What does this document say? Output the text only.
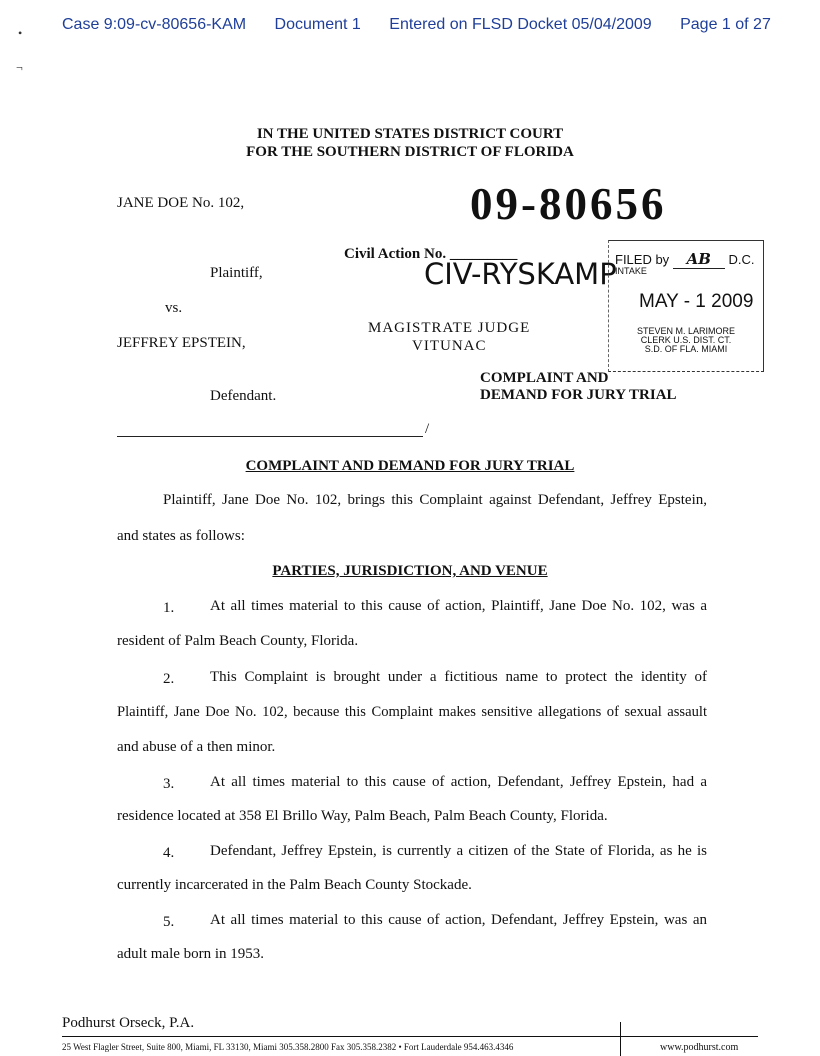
Case 9:09-cv-80656-KAM Document 1 Entered on FLSD Docket 05/04/2009 Page 1 of 27
•
¬
IN THE UNITED STATES DISTRICT COURT
FOR THE SOUTHERN DISTRICT OF FLORIDA
JANE DOE No. 102,
Plaintiff,
vs.
JEFFREY EPSTEIN,
Defendant.
09-80656
Civil Action No. _________
CIV-RYSKAMP
MAGISTRATE JUDGE
VITUNAC
COMPLAINT AND
DEMAND FOR JURY TRIAL
/
FILED by AB D.C.
INTAKE
MAY - 1 2009
STEVEN M. LARIMORE
CLERK U.S. DIST. CT.
S.D. OF FLA. MIAMI
COMPLAINT AND DEMAND FOR JURY TRIAL
Plaintiff, Jane Doe No. 102, brings this Complaint against Defendant, Jeffrey Epstein,
and states as follows:
PARTIES, JURISDICTION, AND VENUE
1. At all times material to this cause of action, Plaintiff, Jane Doe No. 102, was a
resident of Palm Beach County, Florida.
2. This Complaint is brought under a fictitious name to protect the identity of
Plaintiff, Jane Doe No. 102, because this Complaint makes sensitive allegations of sexual assault
and abuse of a then minor.
3. At all times material to this cause of action, Defendant, Jeffrey Epstein, had a
residence located at 358 El Brillo Way, Palm Beach, Palm Beach County, Florida.
4. Defendant, Jeffrey Epstein, is currently a citizen of the State of Florida, as he is
currently incarcerated in the Palm Beach County Stockade.
5. At all times material to this cause of action, Defendant, Jeffrey Epstein, was an
adult male born in 1953.
Podhurst Orseck, P.A.
25 West Flagler Street, Suite 800, Miami, FL 33130, Miami 305.358.2800 Fax 305.358.2382 • Fort Lauderdale 954.463.4346	www.podhurst.com
